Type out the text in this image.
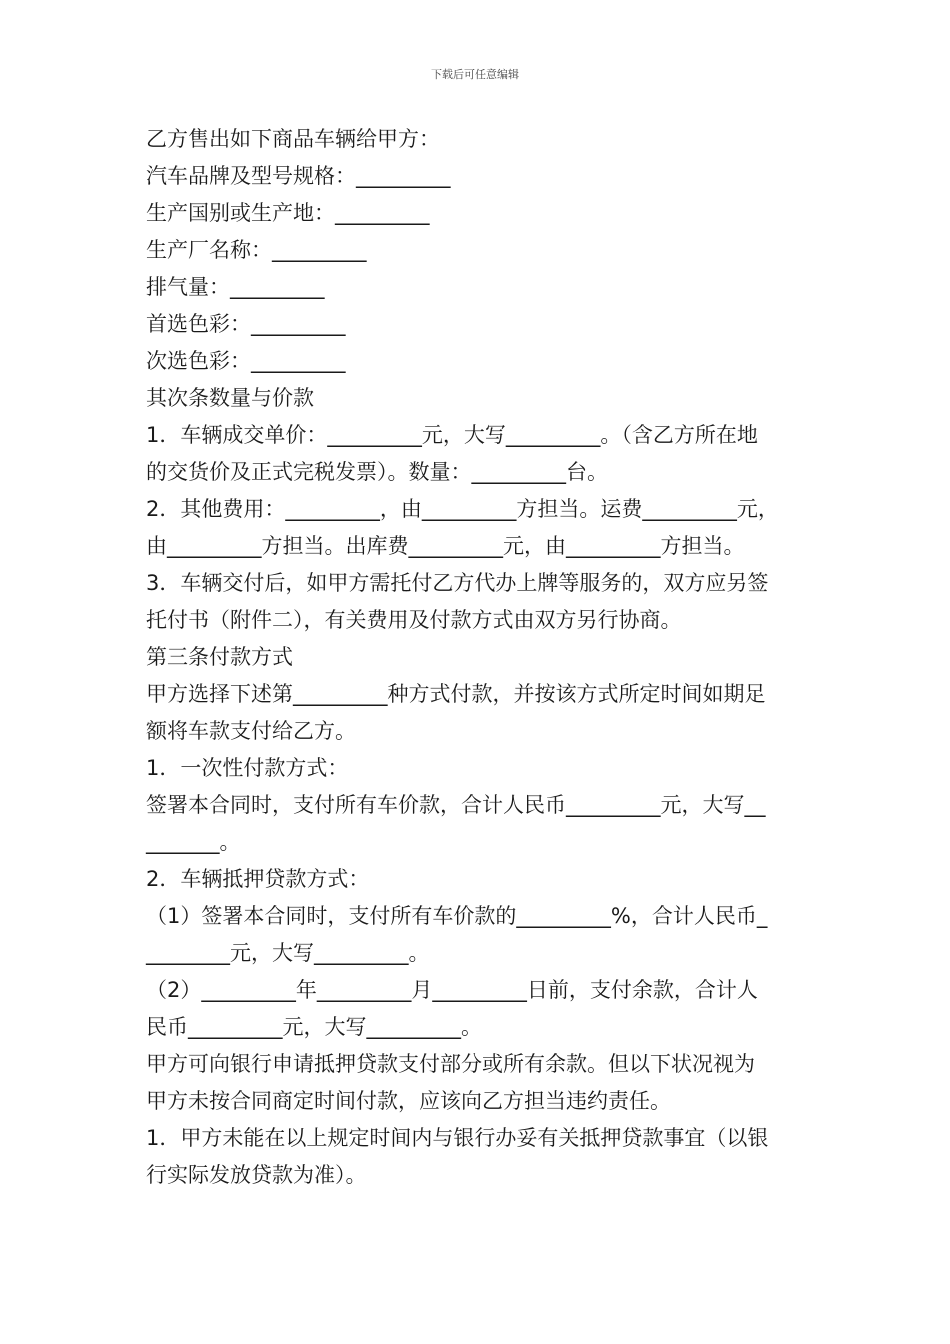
下载后可任意编辑
乙方售出如下商品车辆给甲方：
汽车品牌及型号规格：_________
生产国别或生产地：_________
生产厂名称：_________
排气量：_________
首选色彩：_________
次选色彩：_________
其次条数量与价款
1．车辆成交单价：_________元，大写_________。（含乙方所在地
的交货价及正式完税发票）。数量：_________台。
2．其他费用：_________，由_________方担当。运费_________元，
由_________方担当。出库费_________元，由_________方担当。
3．车辆交付后，如甲方需托付乙方代办上牌等服务的，双方应另签
托付书（附件二），有关费用及付款方式由双方另行协商。
第三条付款方式
甲方选择下述第_________种方式付款，并按该方式所定时间如期足
额将车款支付给乙方。
1．一次性付款方式：
签署本合同时，支付所有车价款，合计人民币_________元，大写__
_______。
2．车辆抵押贷款方式：
（1）签署本合同时，支付所有车价款的_________%，合计人民币_
________元，大写_________。
（2）_________年_________月_________日前，支付余款，合计人
民币_________元，大写_________。
甲方可向银行申请抵押贷款支付部分或所有余款。但以下状况视为
甲方未按合同商定时间付款，应该向乙方担当违约责任。
1．甲方未能在以上规定时间内与银行办妥有关抵押贷款事宜（以银
行实际发放贷款为准）。
